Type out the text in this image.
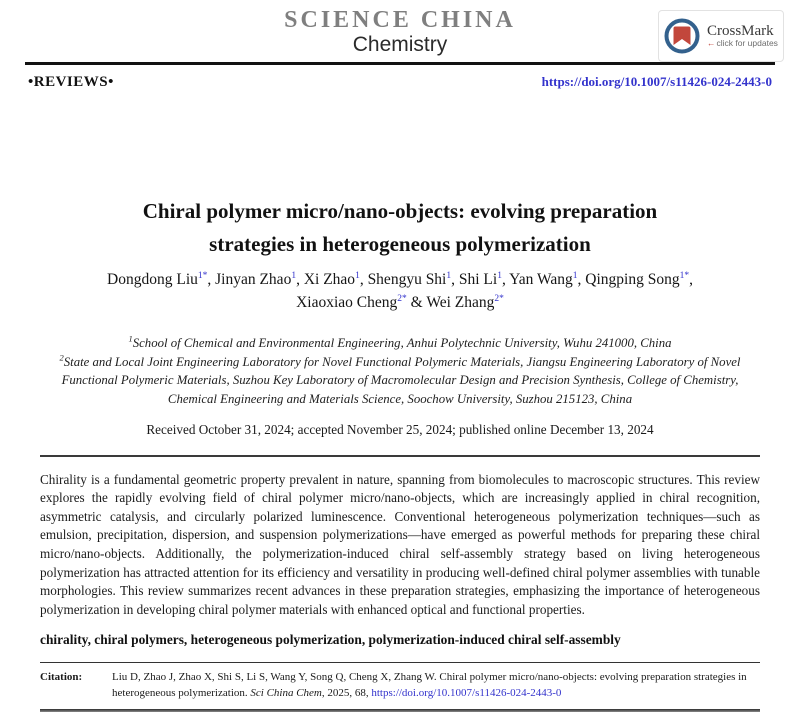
SCIENCE CHINA
Chemistry
CrossMark
←click for updates
•REVIEWS•	https://doi.org/10.1007/s11426-024-2443-0
Chiral polymer micro/nano-objects: evolving preparation
strategies in heterogeneous polymerization
Dongdong Liu$^{1*}$, Jinyan Zhao$^1$, Xi Zhao$^1$, Shengyu Shi$^1$, Shi Li$^1$, Yan Wang$^1$, Qingping Song$^{1*}$,
Xiaoxiao Cheng$^{2*}$ & Wei Zhang$^{2*}$
$^1$School of Chemical and Environmental Engineering, Anhui Polytechnic University, Wuhu 241000, China
$^2$State and Local Joint Engineering Laboratory for Novel Functional Polymeric Materials, Jiangsu Engineering Laboratory of Novel Functional Polymeric Materials, Suzhou Key Laboratory of Macromolecular Design and Precision Synthesis, College of Chemistry, Chemical Engineering and Materials Science, Soochow University, Suzhou 215123, China
Received October 31, 2024; accepted November 25, 2024; published online December 13, 2024
Chirality is a fundamental geometric property prevalent in nature, spanning from biomolecules to macroscopic structures. This review explores the rapidly evolving field of chiral polymer micro/nano-objects, which are increasingly applied in chiral recognition, asymmetric catalysis, and circularly polarized luminescence. Conventional heterogeneous polymerization techniques—such as emulsion, precipitation, dispersion, and suspension polymerizations—have emerged as powerful methods for preparing these chiral micro/nano-objects. Additionally, the polymerization-induced chiral self-assembly strategy based on living heterogeneous polymerization has attracted attention for its efficiency and versatility in producing well-defined chiral polymer assemblies with tunable morphologies. This review summarizes recent advances in these preparation strategies, emphasizing the importance of heterogeneous polymerization in developing chiral polymer materials with enhanced optical and functional properties.
chirality, chiral polymers, heterogeneous polymerization, polymerization-induced chiral self-assembly
Citation:	Liu D, Zhao J, Zhao X, Shi S, Li S, Wang Y, Song Q, Cheng X, Zhang W. Chiral polymer micro/nano-objects: evolving preparation strategies in heterogeneous polymerization. Sci China Chem, 2025, 68, https://doi.org/10.1007/s11426-024-2443-0
